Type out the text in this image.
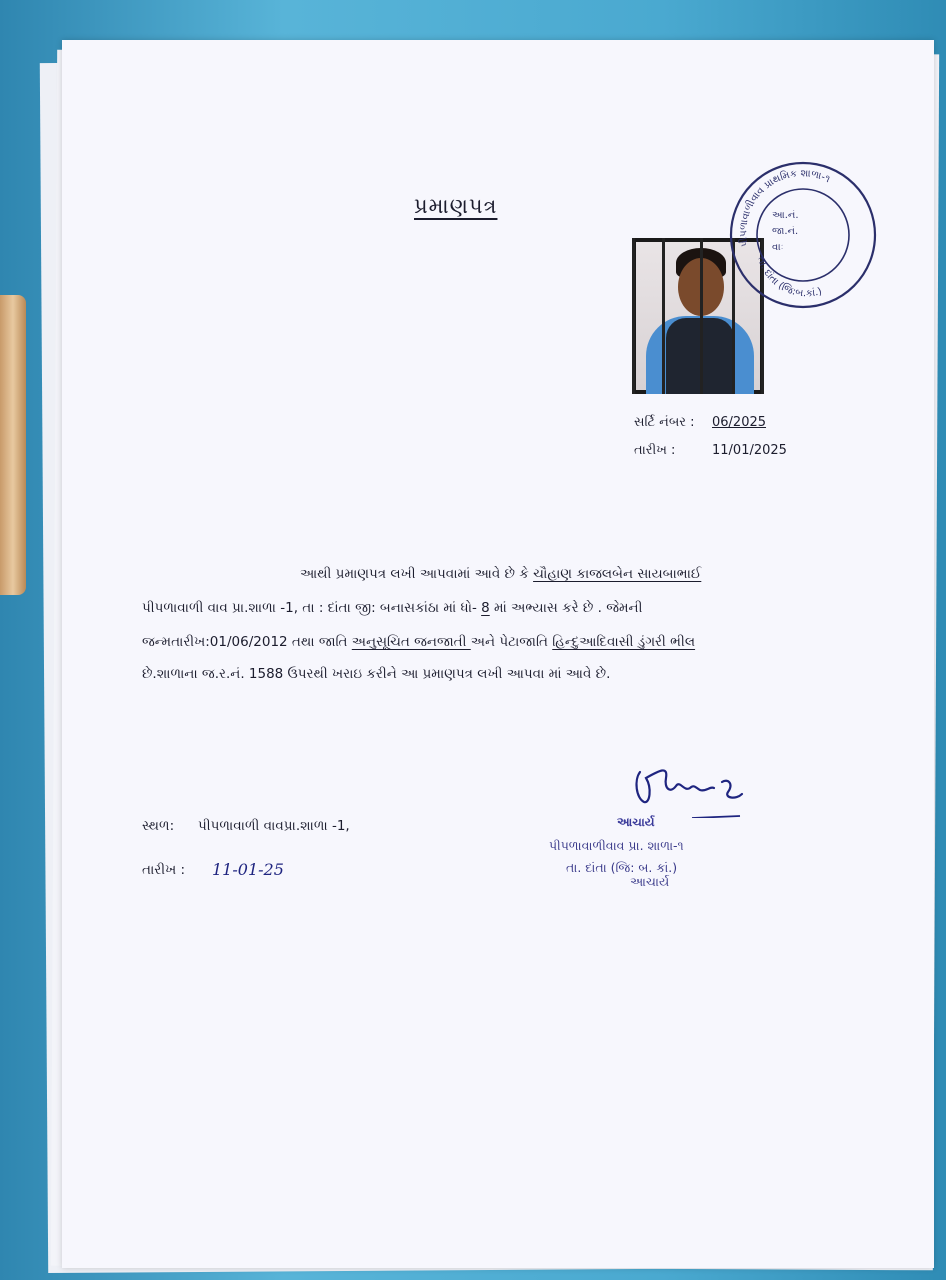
પ્રમાણપત્ર
પીપળાવાળીવાવ પ્રાથમિક શાળા-૧
તા. દાંતા (જિ:બ.કાં.)
આ.નં.
જા.નં.
વાઃ
સર્ટિ નંબર : 06/2025
તારીખ :	11/01/2025
આથી પ્રમાણપત્ર લખી આપવામાં આવે છે કે ચૌહાણ કાજલબેન સાયબાભાઈ
પીપળાવાળી વાવ પ્રા.શાળા -1, તા : દાંતા જી: બનાસકાંઠા માં ધો- 8 માં અભ્યાસ કરે છે . જેમની
જન્મતારીખ:01/06/2012 તથા જાતિ અનુસૂચિત જનજાતી અને પેટાજાતિ હિન્દુઆદિવાસી ડુંગરી ભીલ
છે.શાળાના જ.ર.નં. 1588 ઉપરથી ખરાઇ કરીને આ પ્રમાણપત્ર લખી આપવા માં આવે છે.
આચાર્ય
પીપળાવાળીવાવ પ્રા. શાળા-૧
તા. દાંતા (જિ: બ. કાં.)
આચાર્ય
સ્થળ: પીપળાવાળી વાવપ્રા.શાળા -1,
તારીખ : 11-01-25
